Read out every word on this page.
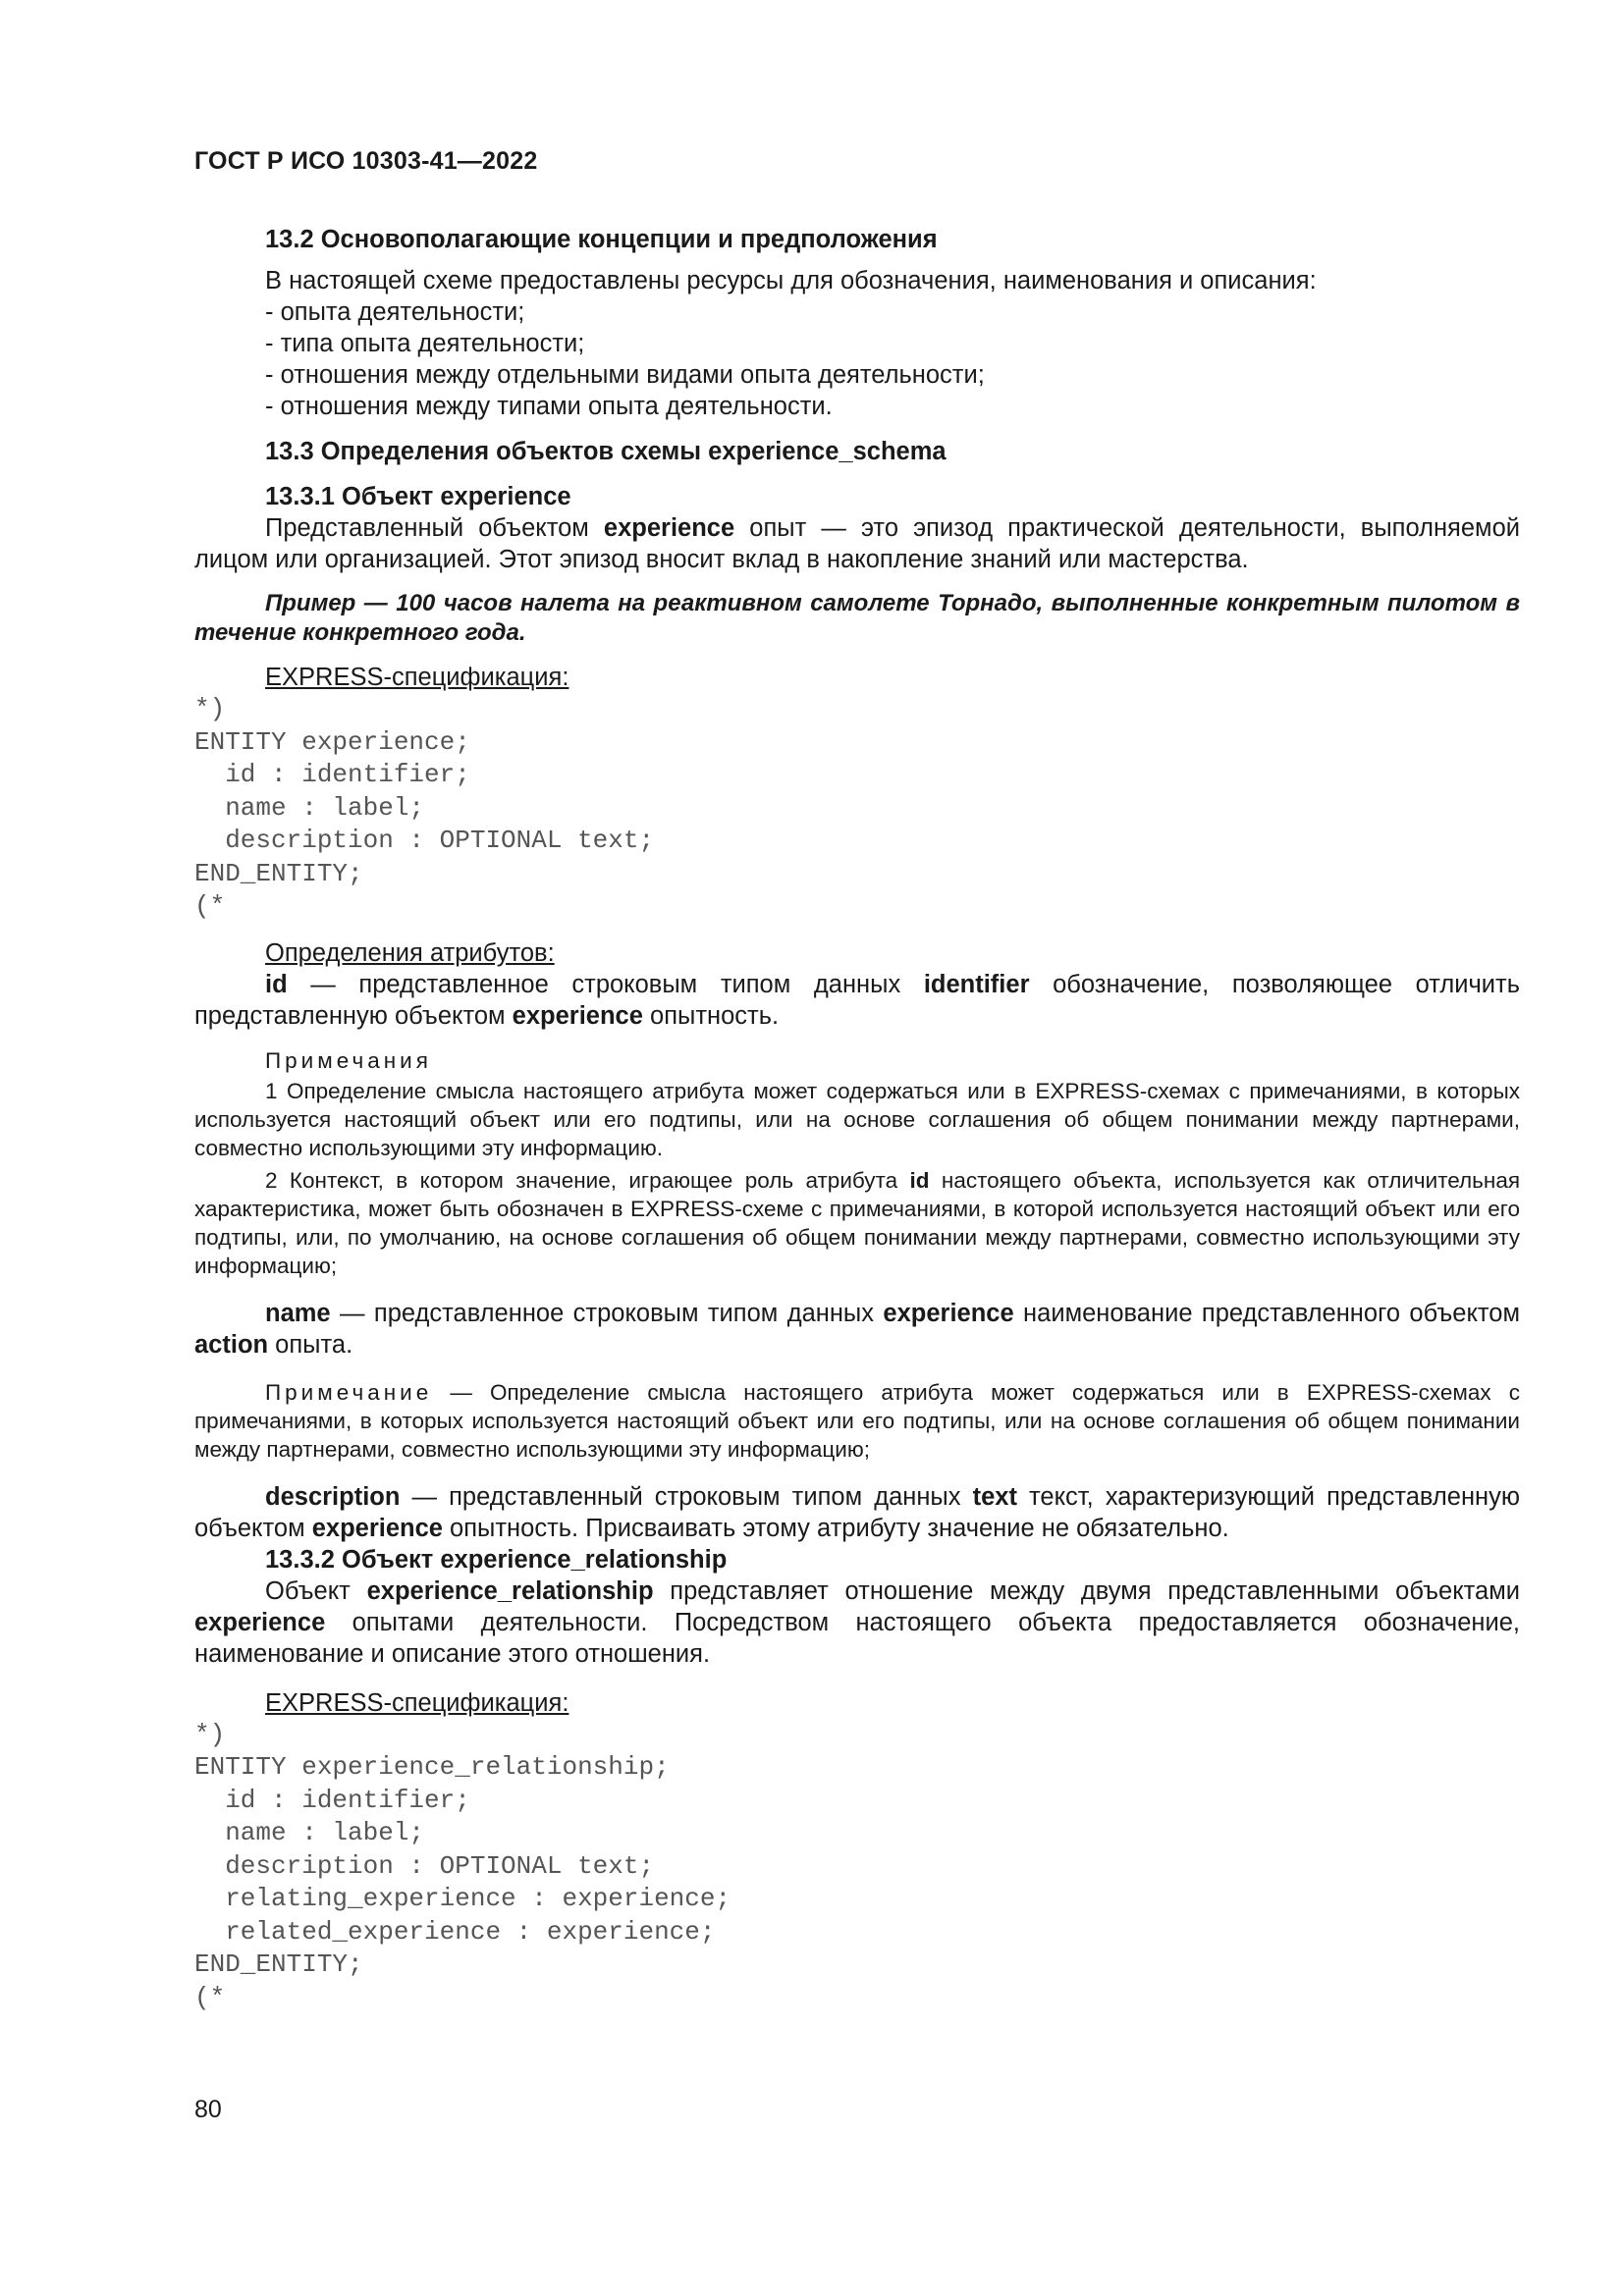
ГОСТ Р ИСО 10303-41—2022
13.2 Основополагающие концепции и предположения

В настоящей схеме предоставлены ресурсы для обозначения, наименования и описания:

- опыта деятельности;
- типа опыта деятельности;
- отношения между отдельными видами опыта деятельности;
- отношения между типами опыта деятельности.
13.3 Определения объектов схемы experience_schema
13.3.1 Объект experience

Представленный объектом experience опыт — это эпизод практической деятельности, выполняемой лицом или организацией. Этот эпизод вносит вклад в накопление знаний или мастерства.

Пример — 100 часов налета на реактивном самолете Торнадо, выполненные конкретным пилотом в течение конкретного года.

EXPRESS-спецификация:
*)
ENTITY experience;
id : identifier;
name : label;
description : OPTIONAL text;
END_ENTITY;
(*
Определения атрибутов:

id — представленное строковым типом данных identifier обозначение, позволяющее отличить представленную объектом experience опытность.

Примечания

1 Определение смысла настоящего атрибута может содержаться или в EXPRESS-схемах с примечаниями, в которых используется настоящий объект или его подтипы, или на основе соглашения об общем понимании между партнерами, совместно использующими эту информацию.

2 Контекст, в котором значение, играющее роль атрибута id настоящего объекта, используется как отличительная характеристика, может быть обозначен в EXPRESS-схеме с примечаниями, в которой используется настоящий объект или его подтипы, или, по умолчанию, на основе соглашения об общем понимании между партнерами, совместно использующими эту информацию;

name — представленное строковым типом данных experience наименование представленного объектом action опыта.

Примечание — Определение смысла настоящего атрибута может содержаться или в EXPRESS-схемах с примечаниями, в которых используется настоящий объект или его подтипы, или на основе соглашения об общем понимании между партнерами, совместно использующими эту информацию;

description — представленный строковым типом данных text текст, характеризующий представленную объектом experience опытность. Присваивать этому атрибуту значение не обязательно.

13.3.2 Объект experience_relationship

Объект experience_relationship представляет отношение между двумя представленными объектами experience опытами деятельности. Посредством настоящего объекта предоставляется обозначение, наименование и описание этого отношения.

EXPRESS-спецификация:
*)
ENTITY experience_relationship;
id : identifier;
name : label;
description : OPTIONAL text;
relating_experience : experience;
related_experience : experience;
END_ENTITY;
(*
80
